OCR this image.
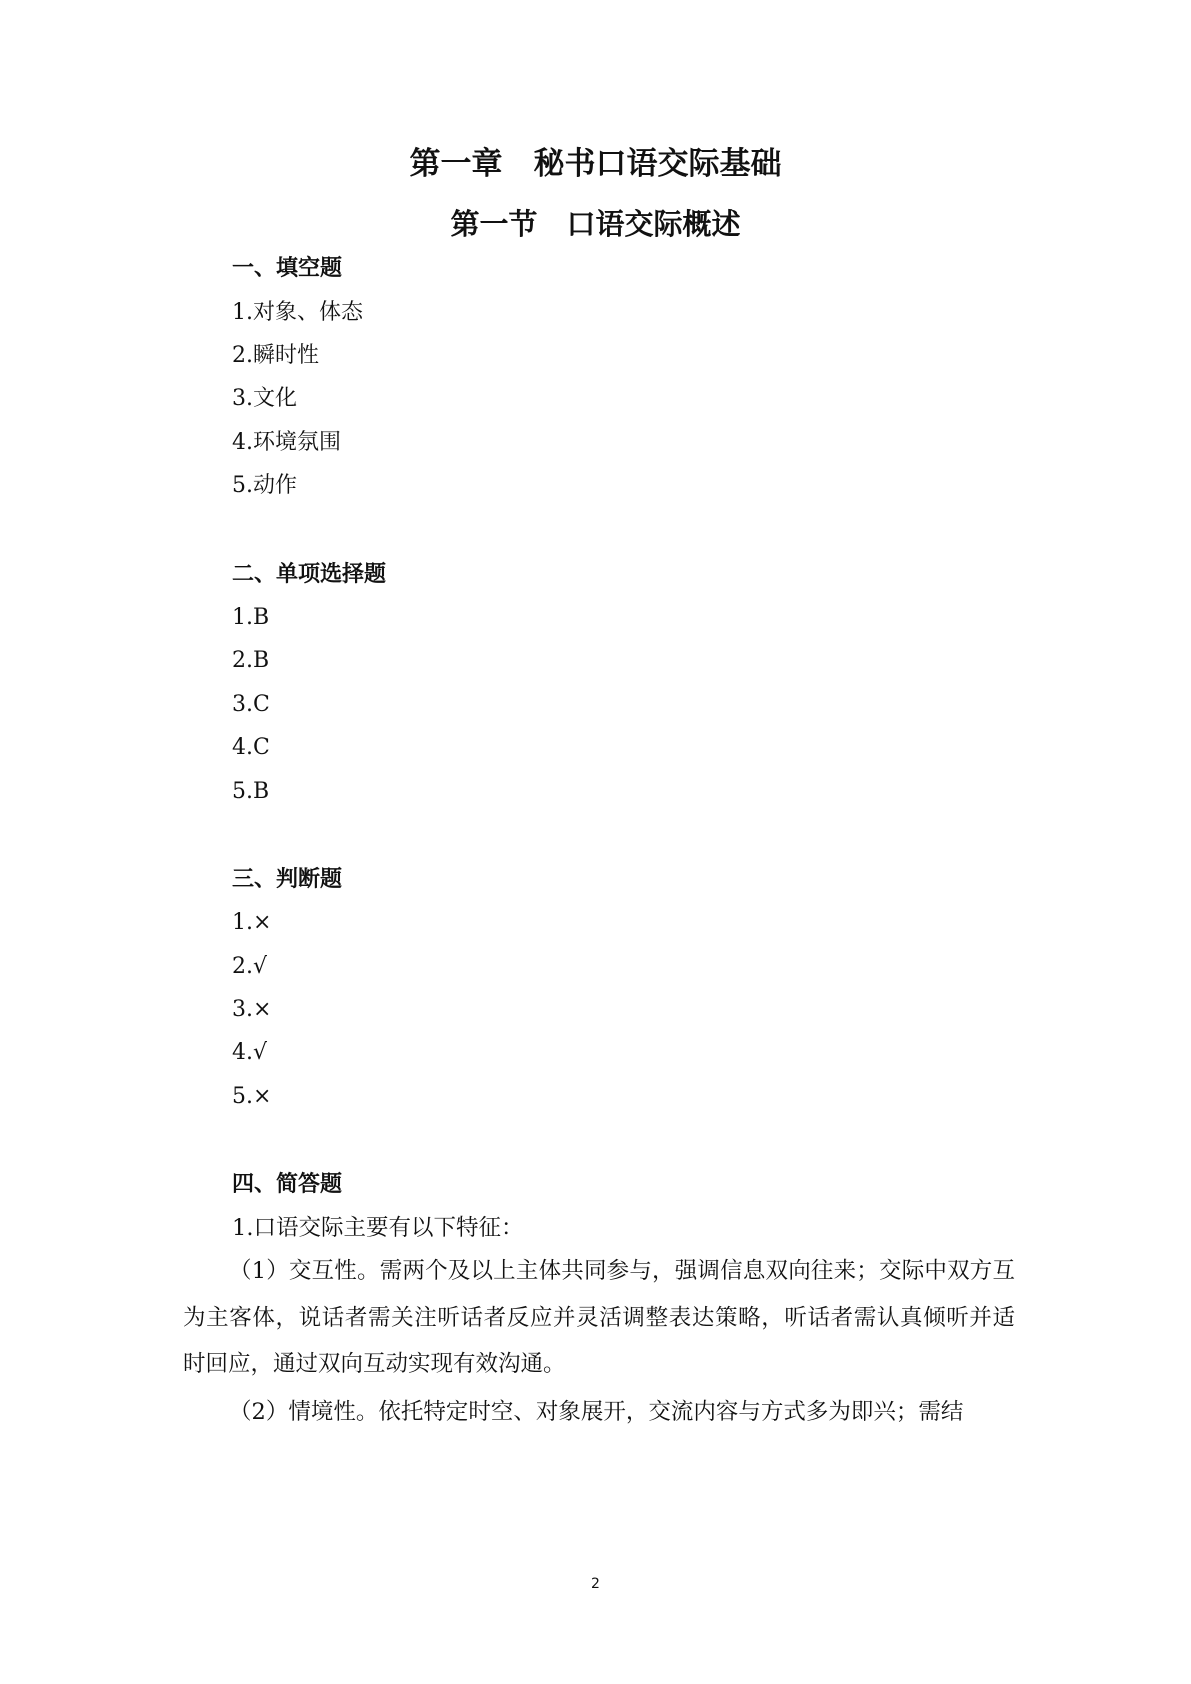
第一章　秘书口语交际基础
第一节　口语交际概述
一、填空题
1.对象、体态
2.瞬时性
3.文化
4.环境氛围
5.动作
二、单项选择题
1.B
2.B
3.C
4.C
5.B
三、判断题
1.×
2.√
3.×
4.√
5.×
四、简答题
1.口语交际主要有以下特征：
（1）交互性。需两个及以上主体共同参与，强调信息双向往来；交际中双方互为主客体，说话者需关注听话者反应并灵活调整表达策略，听话者需认真倾听并适时回应，通过双向互动实现有效沟通。
（2）情境性。依托特定时空、对象展开，交流内容与方式多为即兴；需结
2
